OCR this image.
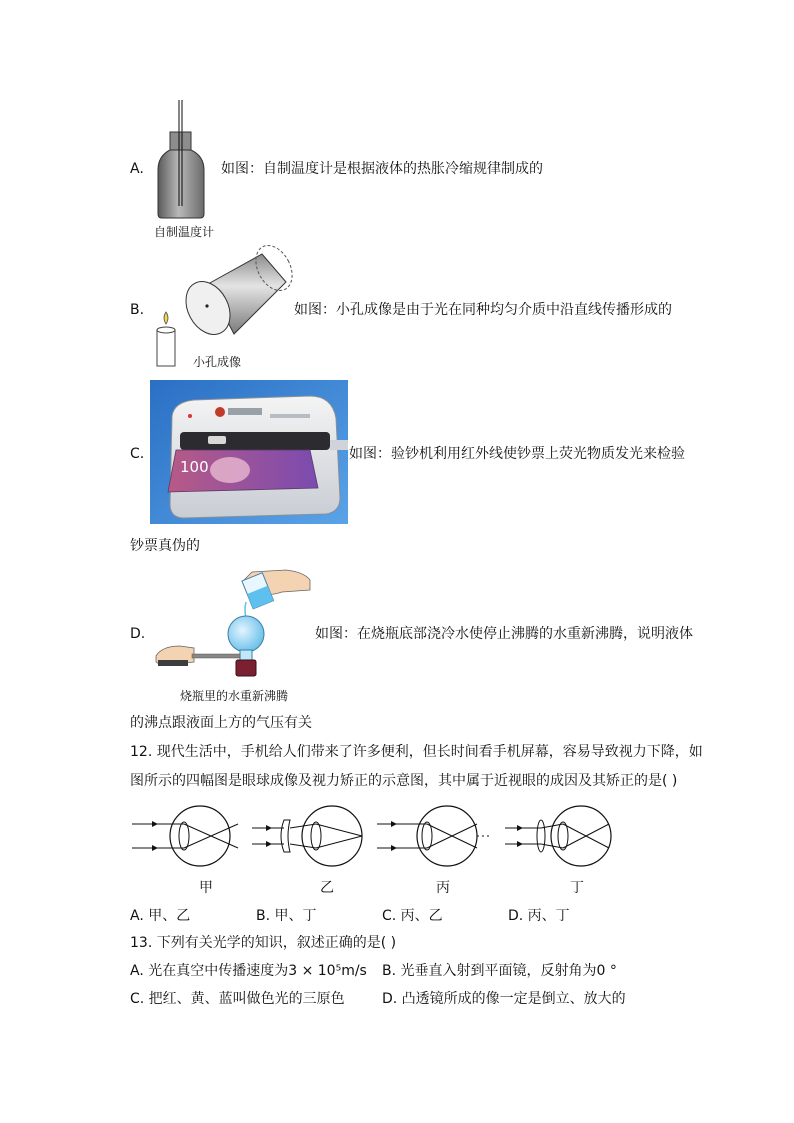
A.
自制温度计
如图：自制温度计是根据液体的热胀冷缩规律制成的
B.
小孔成像
如图：小孔成像是由于光在同种均匀介质中沿直线传播形成的
C.
100
如图：验钞机利用红外线使钞票上荧光物质发光来检验
钞票真伪的
D.
烧瓶里的水重新沸腾
如图：在烧瓶底部浇冷水使停止沸腾的水重新沸腾，说明液体
的沸点跟液面上方的气压有关
12. 现代生活中，手机给人们带来了许多便利，但长时间看手机屏幕，容易导致视力下降，如
图所示的四幅图是眼球成像及视力矫正的示意图，其中属于近视眼的成因及其矫正的是( )
甲	乙	丙	丁
A. 甲、乙	B. 甲、丁	C. 丙、乙	D. 丙、丁
13. 下列有关光学的知识，叙述正确的是( )
A. 光在真空中传播速度为3 × 10⁵m/s B. 光垂直入射到平面镜，反射角为0 °
C. 把红、黄、蓝叫做色光的三原色	D. 凸透镜所成的像一定是倒立、放大的
